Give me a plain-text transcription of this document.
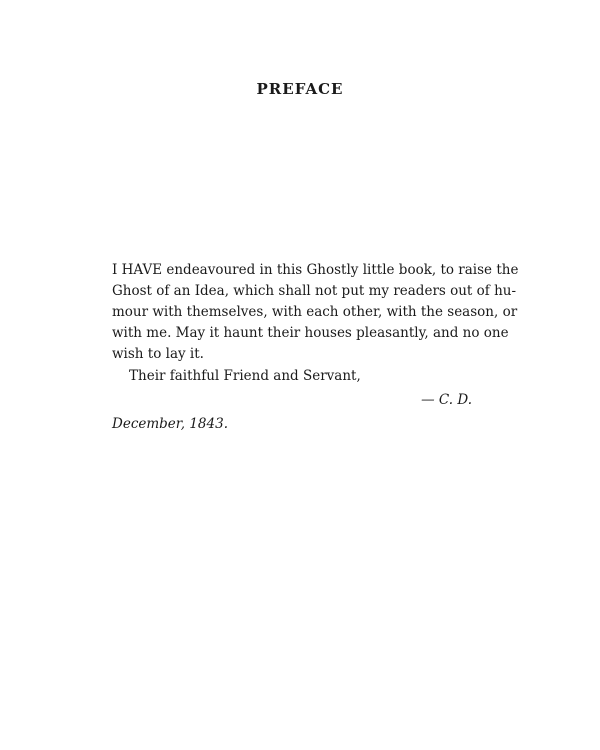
PREFACE
I HAVE endeavoured in this Ghostly little book, to raise the
Ghost of an Idea, which shall not put my readers out of hu-
mour with themselves, with each other, with the season, or
with me. May it haunt their houses pleasantly, and no one
wish to lay it.
Their faithful Friend and Servant,
— C. D.
December, 1843.
